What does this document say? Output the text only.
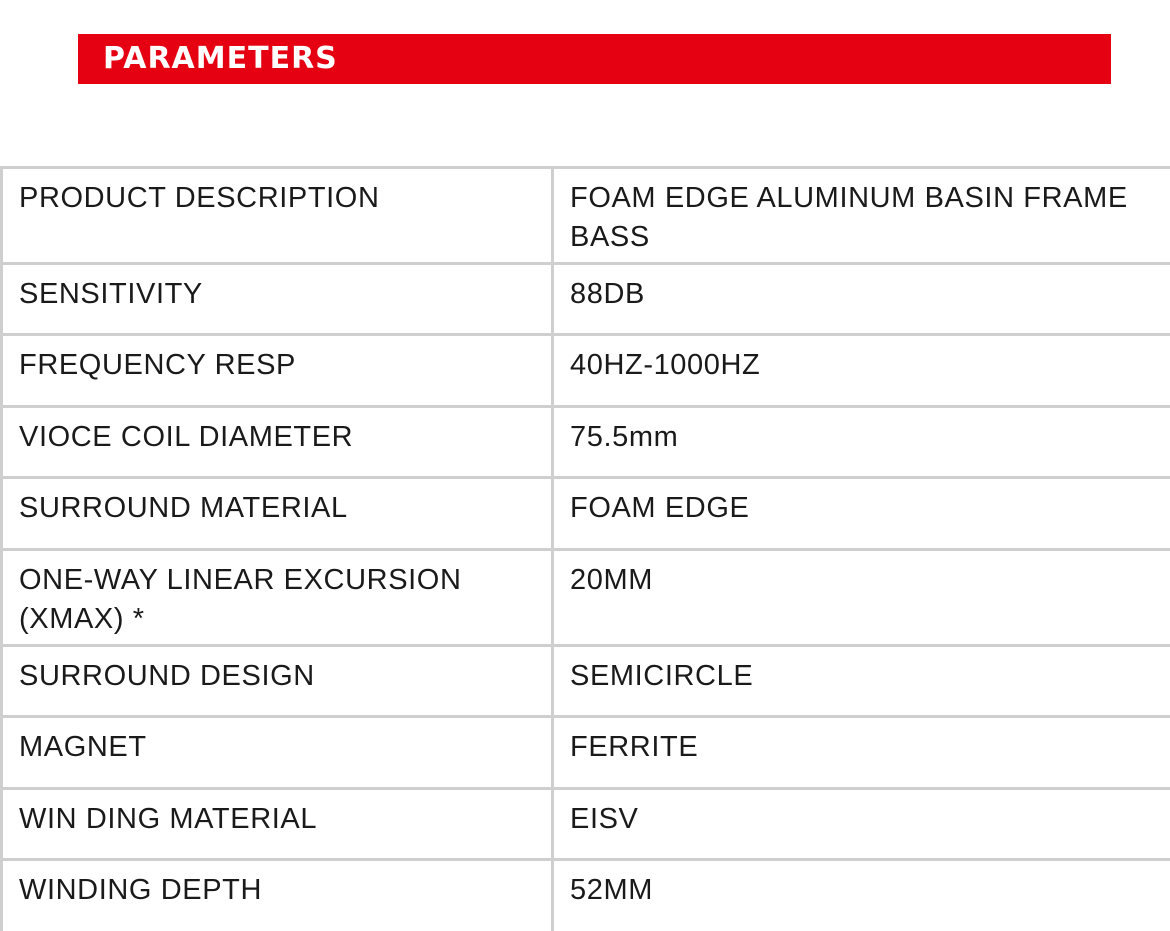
PARAMETERS
PRODUCT DESCRIPTION	FOAM EDGE ALUMINUM BASIN FRAME BASS
SENSITIVITY	88DB
FREQUENCY RESP	40HZ-1000HZ
VIOCE COIL DIAMETER	75.5mm
SURROUND MATERIAL	FOAM EDGE
ONE-WAY LINEAR EXCURSION (XMAX) *	20MM
SURROUND DESIGN	SEMICIRCLE
MAGNET	FERRITE
WIN DING MATERIAL	EISV
WINDING DEPTH	52MM
